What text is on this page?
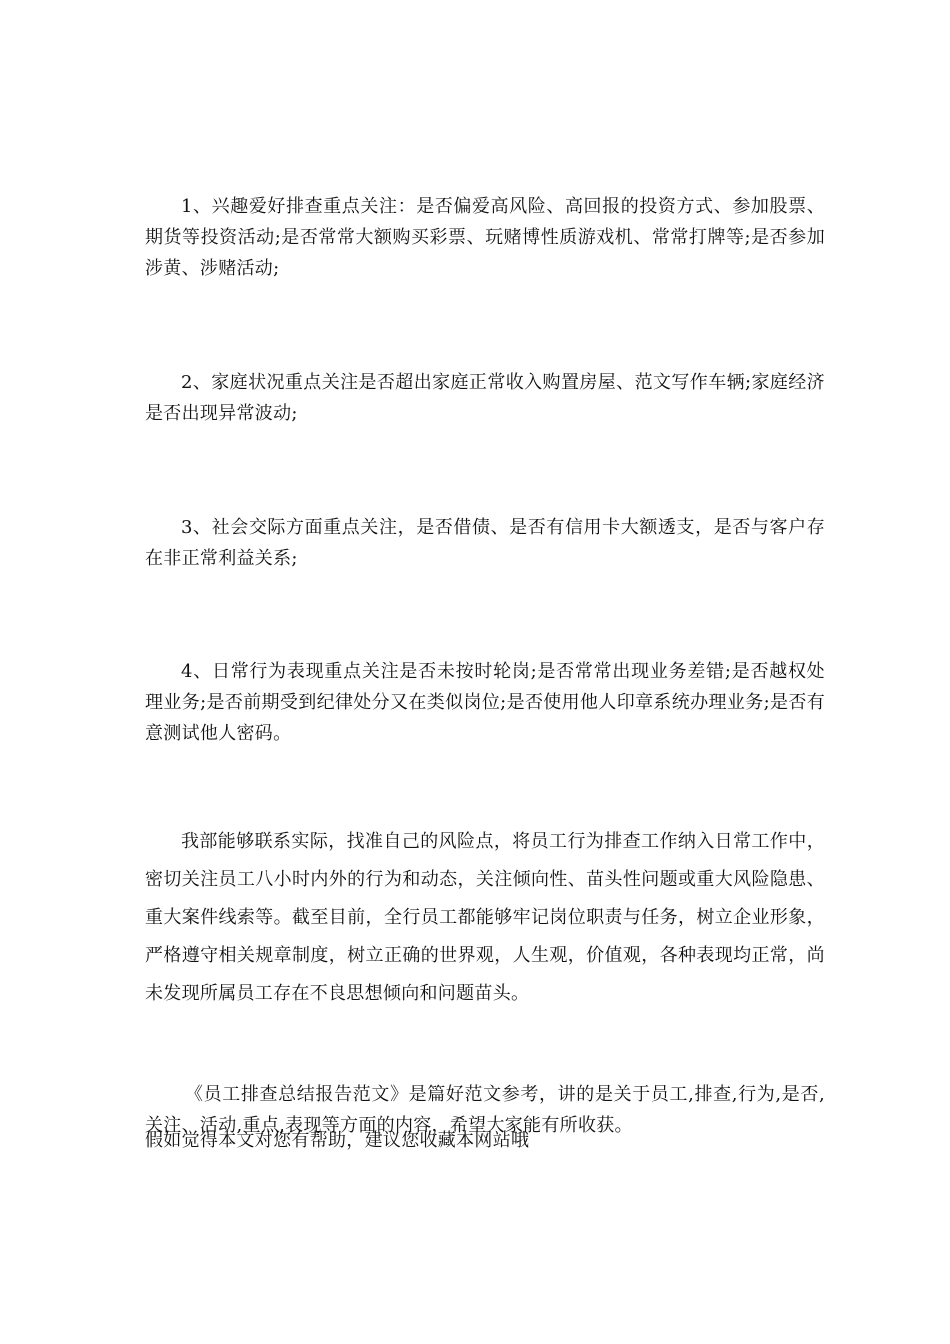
1、兴趣爱好排查重点关注：是否偏爱高风险、高回报的投资方式、参加股票、期货等投资活动;是否常常大额购买彩票、玩赌博性质游戏机、常常打牌等;是否参加涉黄、涉赌活动;

2、家庭状况重点关注是否超出家庭正常收入购置房屋、范文写作车辆;家庭经济是否出现异常波动;

3、社会交际方面重点关注，是否借债、是否有信用卡大额透支，是否与客户存在非正常利益关系;

4、日常行为表现重点关注是否未按时轮岗;是否常常出现业务差错;是否越权处理业务;是否前期受到纪律处分又在类似岗位;是否使用他人印章系统办理业务;是否有意测试他人密码。

我部能够联系实际，找准自己的风险点，将员工行为排查工作纳入日常工作中，密切关注员工八小时内外的行为和动态，关注倾向性、苗头性问题或重大风险隐患、重大案件线索等。截至目前，全行员工都能够牢记岗位职责与任务，树立企业形象，严格遵守相关规章制度，树立正确的世界观，人生观，价值观，各种表现均正常，尚未发现所属员工存在不良思想倾向和问题苗头。

《员工排查总结报告范文》是篇好范文参考，讲的是关于员工,排查,行为,是否,关注、活动,重点,表现等方面的内容，希望大家能有所收获。

假如觉得本文对您有帮助，建议您收藏本网站哦
